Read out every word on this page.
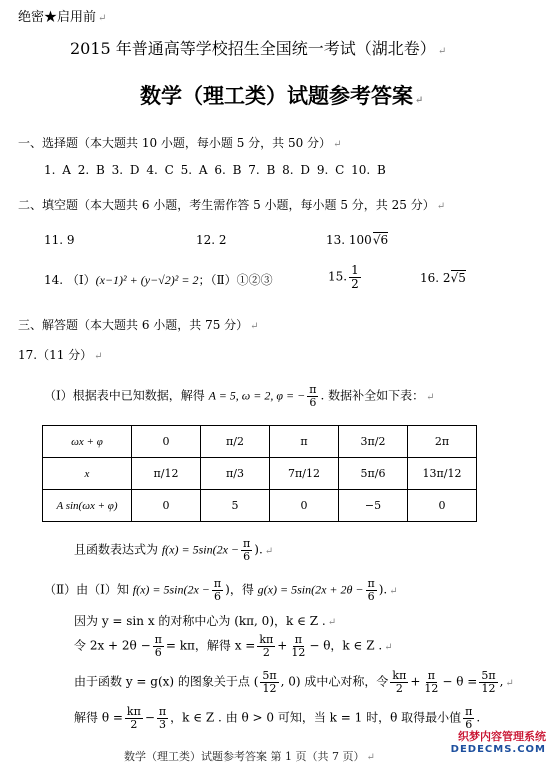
绝密★启用前 ↵
2015 年普通高等学校招生全国统一考试（湖北卷） ↵
数学（理工类）试题参考答案 ↵
一、选择题（本大题共 10 小题，每小题 5 分，共 50 分） ↵
1. A 2. B 3. D 4. C 5. A 6. B 7. B 8. D 9. C 10. B
二、填空题（本大题共 6 小题，考生需作答 5 小题，每小题 5 分，共 25 分） ↵
11. 9	12. 2	13. 100√6
14. （Ⅰ）(x−1)² + (y−√2)² = 2；（Ⅱ）①②③	15. $\frac{1}{2}$	16. 2√5
三、解答题（本大题共 6 小题，共 75 分） ↵
17.（11 分） ↵
（Ⅰ）根据表中已知数据，解得 A = 5, ω = 2, φ = − $\frac{\pi}{6}$ . 数据补全如下表： ↵
ωx + φ	0	π/2	π	3π/2	2π
x	π/12	π/3	7π/12	5π/6	13π/12
A sin(ωx + φ)	0	5	0	−5	0
且函数表达式为 $f(x) = 5\sin(2x - \frac{\pi}{6}$ ). ↵
（Ⅱ）由（Ⅰ）知 $f(x) = 5\sin(2x - \frac{\pi}{6}$ )，得 $g(x) = 5\sin(2x + 2\theta - \frac{\pi}{6}$ ). ↵
因为 y = sin x 的对称中心为 (kπ, 0)，k ∈ Z . ↵
令 $2x + 2\theta - \frac{\pi}{6} = k\pi$，解得 $x = \frac{k\pi}{2} + \frac{\pi}{12} - \theta$，k ∈ Z . ↵
由于函数 y = g(x) 的图象关于点 ( $\frac{5\pi}{12}$ , 0) 成中心对称，令 $\frac{k\pi}{2} + \frac{\pi}{12} - \theta = \frac{5\pi}{12}$ , ↵
解得 $\theta = \frac{k\pi}{2} - \frac{\pi}{3}$ ，k ∈ Z . 由 θ > 0 可知，当 k = 1 时，θ 取得最小值 $\frac{\pi}{6}$ .
数学（理工类）试题参考答案 第 1 页（共 7 页） ↵
织梦内容管理系统
DEDECMS.COM
